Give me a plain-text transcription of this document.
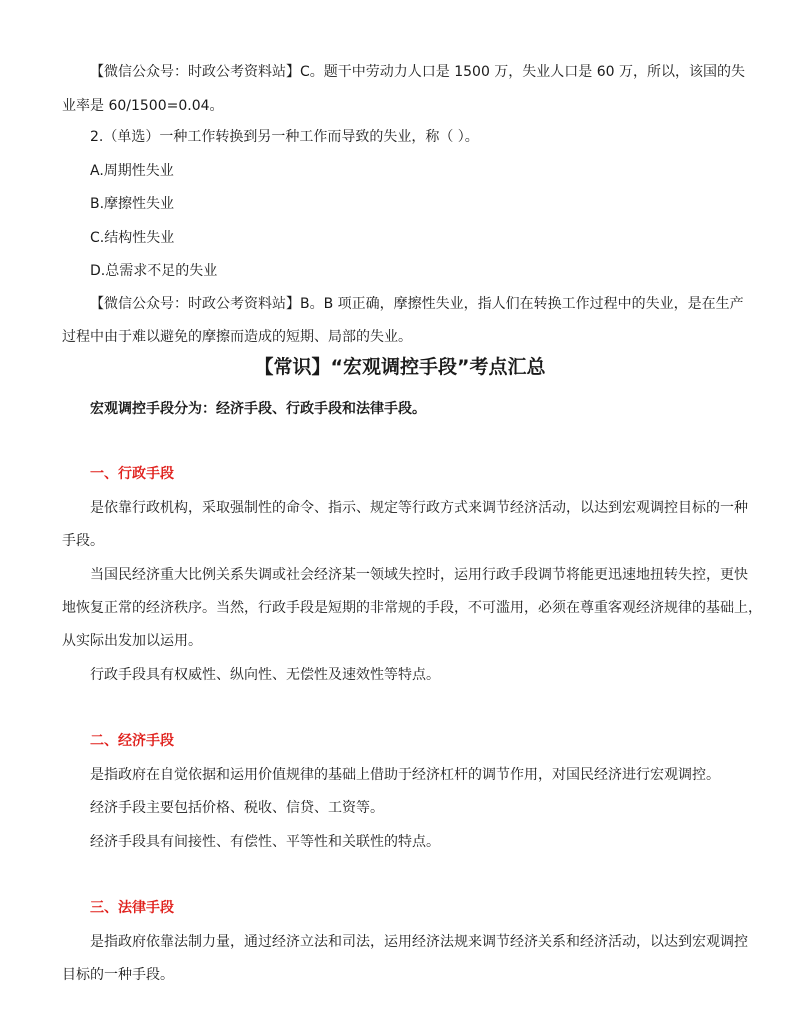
【微信公众号：时政公考资料站】C。题干中劳动力人口是 1500 万，失业人口是 60 万，所以，该国的失
业率是 60/1500=0.04。
2.（单选）一种工作转换到另一种工作而导致的失业，称（ ）。
A.周期性失业
B.摩擦性失业
C.结构性失业
D.总需求不足的失业
【微信公众号：时政公考资料站】B。B 项正确，摩擦性失业，指人们在转换工作过程中的失业，是在生产
过程中由于难以避免的摩擦而造成的短期、局部的失业。
【常识】“宏观调控手段”考点汇总
宏观调控手段分为：经济手段、行政手段和法律手段。
一、行政手段
是依靠行政机构，采取强制性的命令、指示、规定等行政方式来调节经济活动，以达到宏观调控目标的一种
手段。
当国民经济重大比例关系失调或社会经济某一领域失控时，运用行政手段调节将能更迅速地扭转失控，更快
地恢复正常的经济秩序。当然，行政手段是短期的非常规的手段，不可滥用，必须在尊重客观经济规律的基础上，
从实际出发加以运用。
行政手段具有权威性、纵向性、无偿性及速效性等特点。
二、经济手段
是指政府在自觉依据和运用价值规律的基础上借助于经济杠杆的调节作用，对国民经济进行宏观调控。
经济手段主要包括价格、税收、信贷、工资等。
经济手段具有间接性、有偿性、平等性和关联性的特点。
三、法律手段
是指政府依靠法制力量，通过经济立法和司法，运用经济法规来调节经济关系和经济活动，以达到宏观调控
目标的一种手段。
